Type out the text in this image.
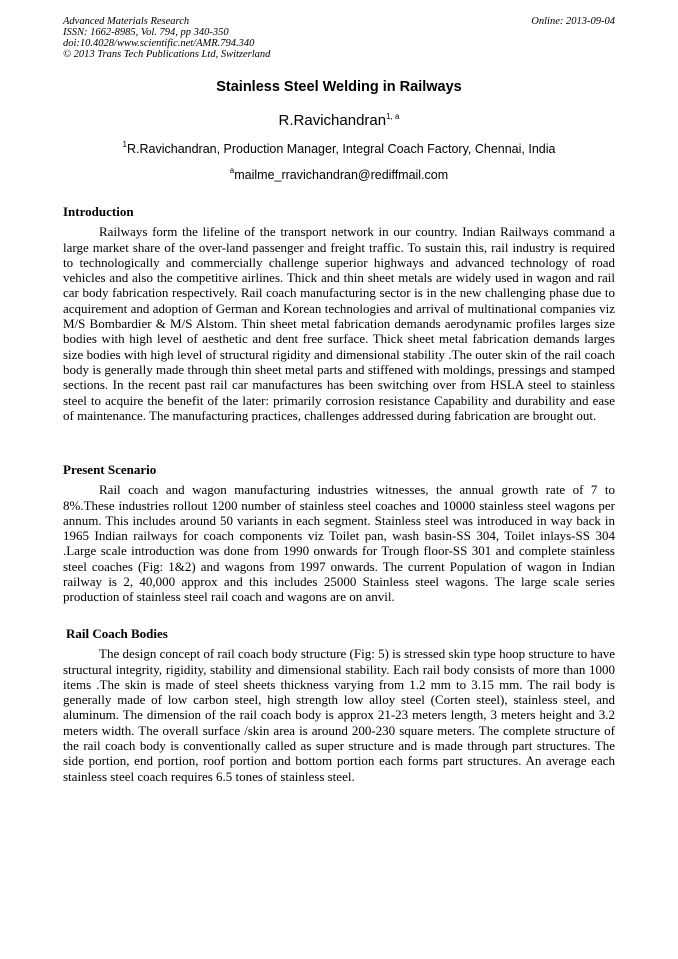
Advanced Materials Research
ISSN: 1662-8985, Vol. 794, pp 340-350
doi:10.4028/www.scientific.net/AMR.794.340
© 2013 Trans Tech Publications Ltd, Switzerland
Online: 2013-09-04
Stainless Steel Welding in Railways
R.Ravichandran$^{1, a}$
$^1$R.Ravichandran, Production Manager, Integral Coach Factory, Chennai, India
$^a$mailme_rravichandran@rediffmail.com

Introduction

Railways form the lifeline of the transport network in our country. Indian Railways command a large market share of the over-land passenger and freight traffic. To sustain this, rail industry is required to technologically and commercially challenge superior highways and advanced technology of road vehicles and also the competitive airlines. Thick and thin sheet metals are widely used in wagon and rail car body fabrication respectively. Rail coach manufacturing sector is in the new challenging phase due to acquirement and adoption of German and Korean technologies and arrival of multinational companies viz M/S Bombardier & M/S Alstom. Thin sheet metal fabrication demands aerodynamic profiles larges size bodies with high level of aesthetic and dent free surface. Thick sheet metal fabrication demands larges size bodies with high level of structural rigidity and dimensional stability .The outer skin of the rail coach body is generally made through thin sheet metal parts and stiffened with moldings, pressings and stamped sections. In the recent past rail car manufactures has been switching over from HSLA steel to stainless steel to acquire the benefit of the later: primarily corrosion resistance Capability and durability and ease of maintenance. The manufacturing practices, challenges addressed during fabrication are brought out.

Present Scenario

Rail coach and wagon manufacturing industries witnesses, the annual growth rate of 7 to 8%.These industries rollout 1200 number of stainless steel coaches and 10000 stainless steel wagons per annum. This includes around 50 variants in each segment. Stainless steel was introduced in way back in 1965 Indian railways for coach components viz Toilet pan, wash basin-SS 304, Toilet inlays-SS 304 .Large scale introduction was done from 1990 onwards for Trough floor-SS 301 and complete stainless steel coaches (Fig: 1&2) and wagons from 1997 onwards. The current Population of wagon in Indian railway is 2, 40,000 approx and this includes 25000 Stainless steel wagons. The large scale series production of stainless steel rail coach and wagons are on anvil.

Rail Coach Bodies

The design concept of rail coach body structure (Fig: 5) is stressed skin type hoop structure to have structural integrity, rigidity, stability and dimensional stability. Each rail body consists of more than 1000 items .The skin is made of steel sheets thickness varying from 1.2 mm to 3.15 mm. The rail body is generally made of low carbon steel, high strength low alloy steel (Corten steel), stainless steel, and aluminum. The dimension of the rail coach body is approx 21-23 meters length, 3 meters height and 3.2 meters width. The overall surface /skin area is around 200-230 square meters. The complete structure of the rail coach body is conventionally called as super structure and is made through part structures. The side portion, end portion, roof portion and bottom portion each forms part structures. An average each stainless steel coach requires 6.5 tones of stainless steel.
